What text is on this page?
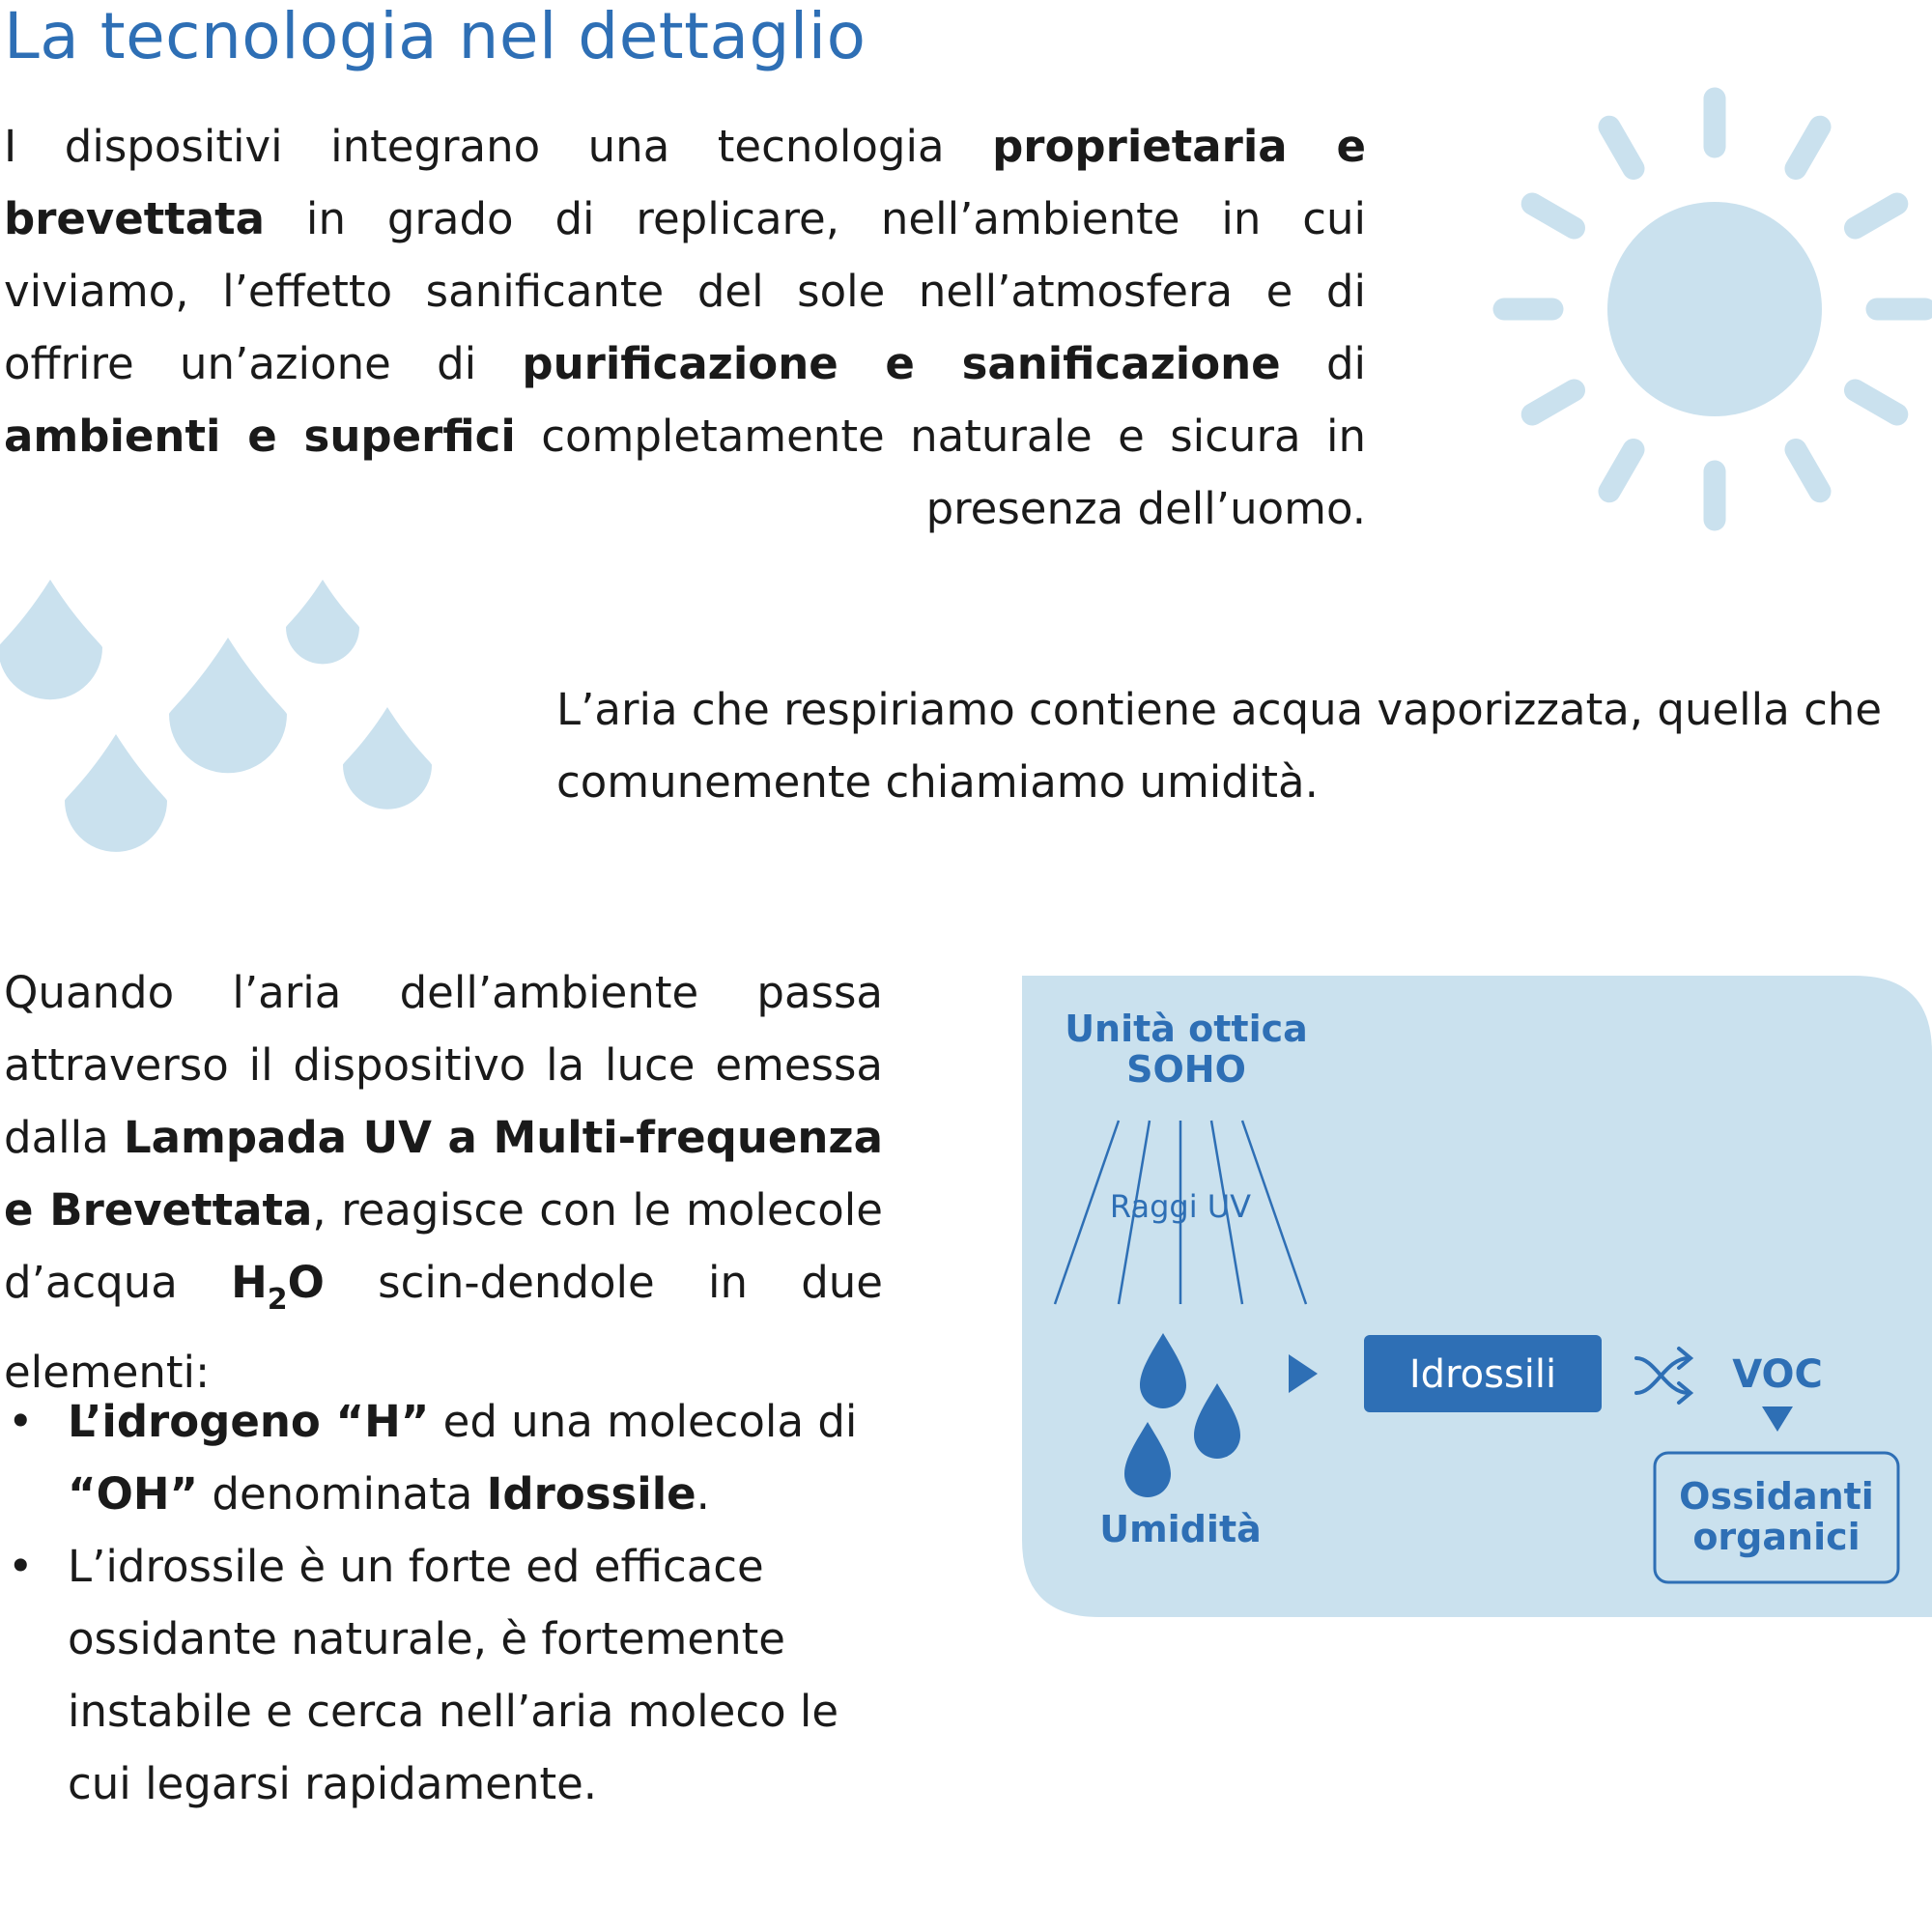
La tecnologia nel dettaglio

I dispositivi integrano una tecnologia proprietaria e brevettata in grado di replicare, nell’ambiente in cui viviamo, l’effetto sanificante del sole nell’atmosfera e di offrire un’azione di purificazione e sanificazione di ambienti e superfici completamente naturale e sicura in presenza dell’uomo.

L’aria che respiriamo contiene acqua vaporizzata, quella che comunemente chiamiamo umidità.

Quando l’aria dell’ambiente passa attraverso il dispositivo la luce emessa dalla Lampada UV a Multi-frequenza e Brevettata, reagisce con le molecole d’acqua $H_2O$ scin-dendole in due elementi:

• L’idrogeno “H” ed una molecola di “OH” denominata Idrossile.
• L’idrossile è un forte ed efficace ossidante naturale, è fortemente instabile e cerca nell’aria moleco le cui legarsi rapidamente.
Unità ottica
SOHO
Raggi UV
Umidità
Idrossili	VOC
Ossidanti
organici
